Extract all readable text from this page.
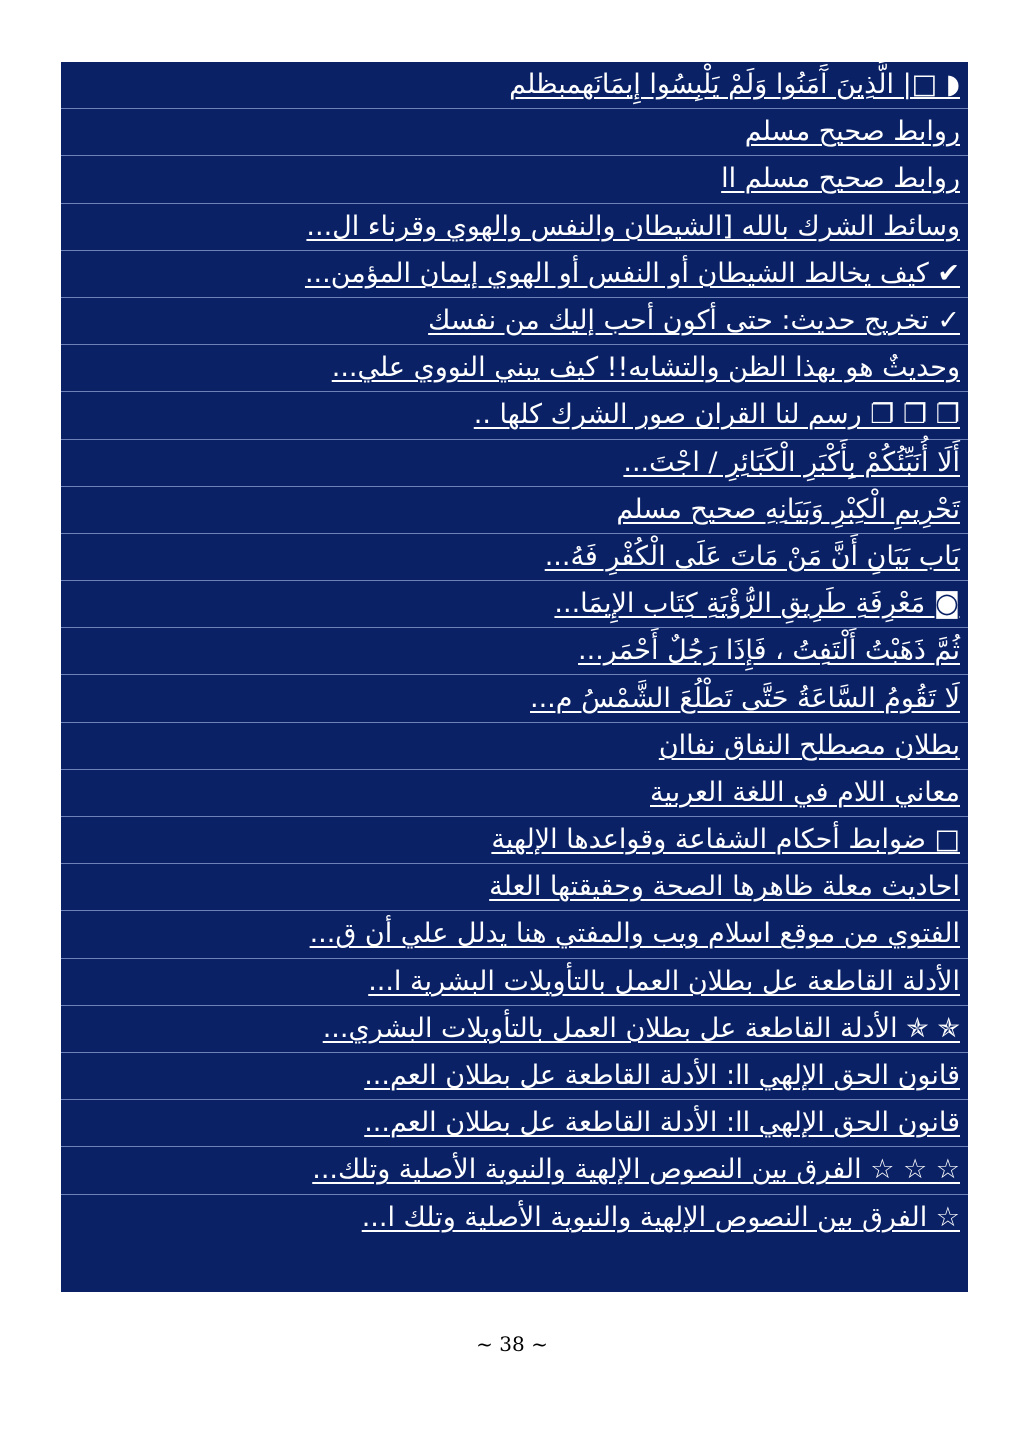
◗ □| الَّذِينَ آَمَنُوا وَلَمْ يَلْبِسُوا إِيمَانَهمبظلم
روابط صحيح مسلم
روابط صحيح مسلم اا
وسائط الشرك بالله [الشيطان والنفس والهوي وقرناء ال...
✔ كيف يخالط الشيطان أو النفس أو الهوي إيمان المؤمن...
✓ تخريج حديث: حتى أكون أحب إليك من نفسك
وحديثٌ هو بهذا الظن والتشابه!! كيف يبني النووي علي...
❐ ❐ ❐ رسم لنا القران صور الشرك كلها ..
أَلَا أُنَبِّئُكُمْ بِأَكْبَرِ الْكَبَائِرِ / اجْتَ...
تَحْرِيمِ الْكِبْرِ وَبَيَانِهِ صحيح مسلم
بَاب بَيَانِ أَنَّ مَنْ مَاتَ عَلَى الْكُفْرِ فَهُ...
◙ مَعْرِفَةِ طَرِيقِ الرُّؤْيَةِ كِتَاب الإِيمَا...
ثُمَّ ذَهَبْتُ أَلْتَفِتُ ، فَإِذَا رَجُلٌ أَحْمَر...
لَا تَقُومُ السَّاعَةُ حَتَّى تَطْلُعَ الشَّمْسُ م...
بطلان مصطلح النفاق نفاان
معاني اللام في اللغة العربية
□ ضوابط أحكام الشفاعة وقواعدها الإلهية
احاديث معلة ظاهرها الصحة وحقيقتها العلة
الفتوي من موقع اسلام ويب والمفتي هنا يدلل علي أن ق...
الأدلة القاطعة عل بطلان العمل بالتأويلات البشرية ا...
✯ ✯ الأدلة القاطعة عل بطلان العمل بالتأويلات البشري...
قانون الحق الإلهي اا: الأدلة القاطعة عل بطلان العم...
قانون الحق الإلهي اا: الأدلة القاطعة عل بطلان العم...
☆ ☆ ☆ الفرق بين النصوص الإلهية والنبوية الأصلية وتلك...
☆ الفرق بين النصوص الإلهية والنبوية الأصلية وتلك ا...
~ 38 ~
